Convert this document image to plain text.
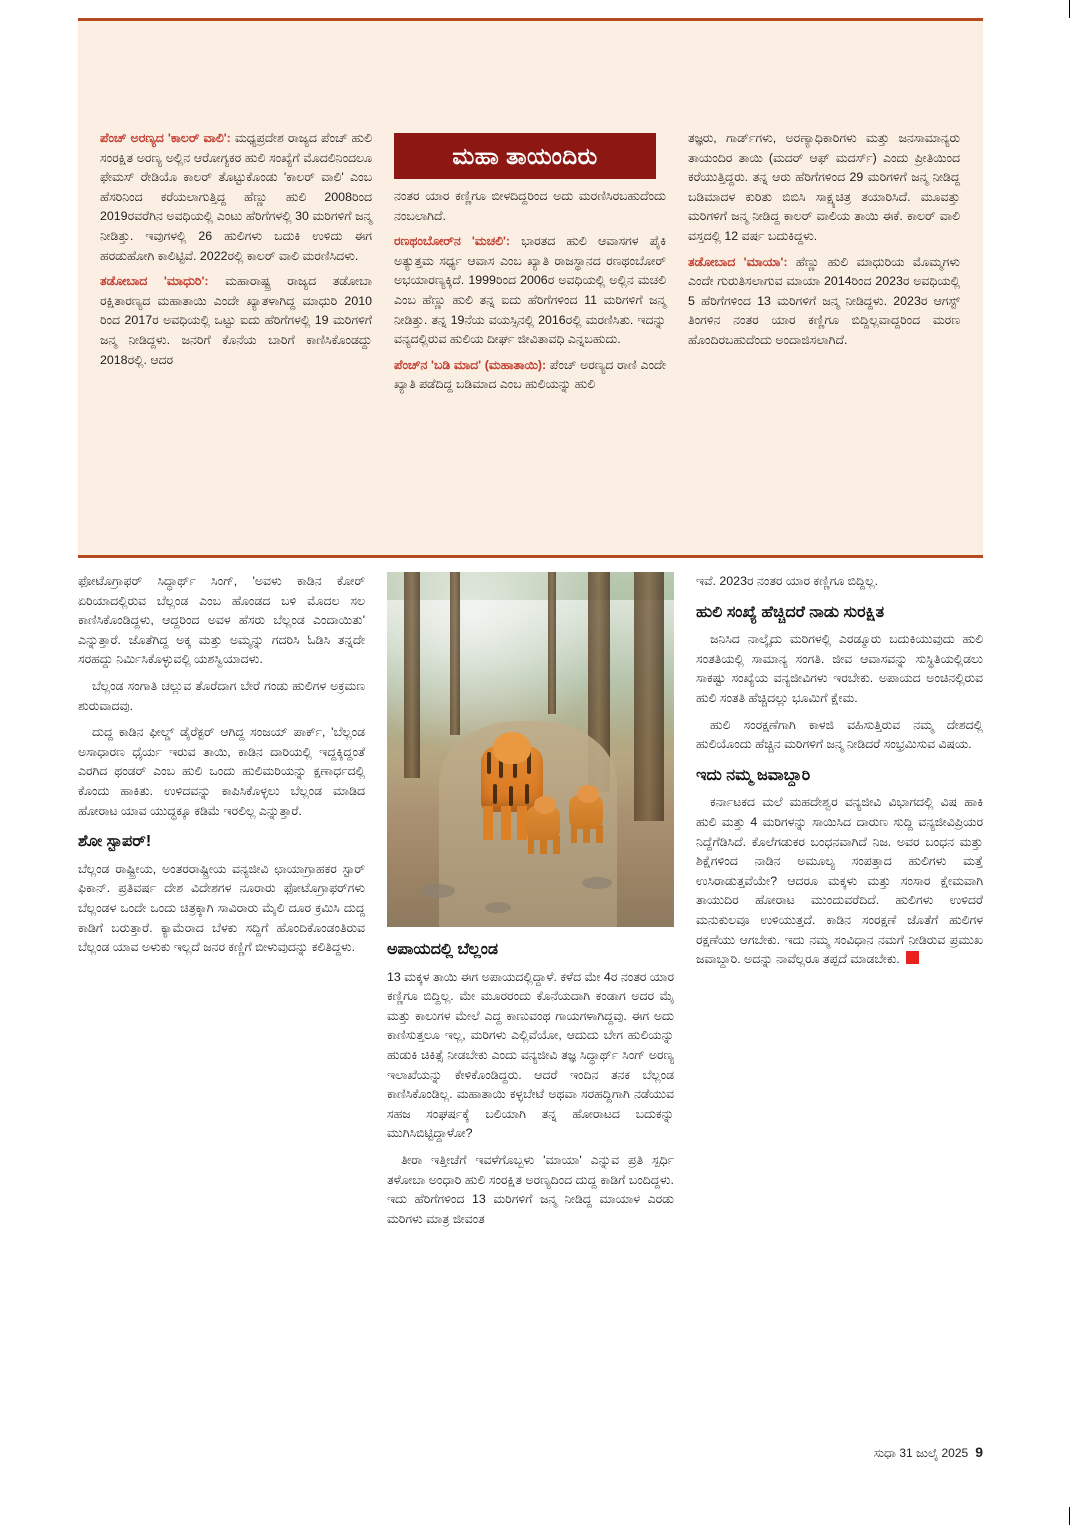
ಮಹಾ ತಾಯಂದಿರು

ಪೆಂಚ್ ಅರಣ್ಯದ 'ಕಾಲರ್ ವಾಲಿ': ಮಧ್ಯಪ್ರದೇಶ ರಾಜ್ಯದ ಪೆಂಚ್ ಹುಲಿ ಸಂರಕ್ಷಿತ ಅರಣ್ಯ ಅಲ್ಲಿನ ಆರೋಗ್ಯಕರ ಹುಲಿ ಸಂಖ್ಯೆಗೆ ಮೊದಲಿನಿಂದಲೂ ಫೇಮಸ್ ರೇಡಿಯೊ ಕಾಲರ್ ತೊಟ್ಟುಕೊಂಡು 'ಕಾಲರ್ ವಾಲಿ' ಎಂಬ ಹೆಸರಿನಿಂದ ಕರೆಯಲಾಗುತ್ತಿದ್ದ ಹೆಣ್ಣು ಹುಲಿ 2008ರಿಂದ 2019ರವರೆಗಿನ ಅವಧಿಯಲ್ಲಿ ಎಂಟು ಹೆರಿಗೆಗಳಲ್ಲಿ 30 ಮರಿಗಳಿಗೆ ಜನ್ಮ ನೀಡಿತ್ತು. ಇವುಗಳಲ್ಲಿ 26 ಹುಲಿಗಳು ಬದುಕಿ ಉಳಿದು ಈಗ ಹರಡುಹೋಗಿ ಕಾಲಿಟ್ಟಿವೆ. 2022ರಲ್ಲಿ ಕಾಲರ್ ವಾಲಿ ಮರಣಿಸಿದಳು.

ತಡೋಬಾದ 'ಮಾಧುರಿ': ಮಹಾರಾಷ್ಟ್ರ ರಾಜ್ಯದ ತಡೋಬಾ ರಕ್ಷಿತಾರಣ್ಯದ ಮಹಾತಾಯಿ ಎಂದೇ ಖ್ಯಾತಳಾಗಿದ್ದ ಮಾಧುರಿ 2010 ರಿಂದ 2017ರ ಅವಧಿಯಲ್ಲಿ ಒಟ್ಟು ಐದು ಹೆರಿಗೆಗಳಲ್ಲಿ 19 ಮರಿಗಳಿಗೆ ಜನ್ಮ ನೀಡಿದ್ದಳು. ಜನರಿಗೆ ಕೊನೆಯ ಬಾರಿಗೆ ಕಾಣಿಸಿಕೊಂಡದ್ದು 2018ರಲ್ಲಿ. ಆದರ

ನಂತರ ಯಾರ ಕಣ್ಣಿಗೂ ಬೀಳದಿದ್ದರಿಂದ ಅದು ಮರಣಿಸಿರಬಹುದೆಂದು ನಂಬಲಾಗಿದೆ.

ರಣಥಂಬೋರ್‌ನ 'ಮಚಲಿ': ಭಾರತದ ಹುಲಿ ಆವಾಸಗಳ ಪೈಕಿ ಅತ್ಯುತ್ತಮ ಸರ್ಧ್ಯ ಆವಾಸ ಎಂಬ ಖ್ಯಾತಿ ರಾಜಸ್ಥಾನದ ರಣಥಂಬೋರ್ ಅಭಯಾರಣ್ಯಕ್ಕಿದೆ. 1999ರಿಂದ 2006ರ ಅವಧಿಯಲ್ಲಿ ಅಲ್ಲಿನ ಮಚಲಿ ಎಂಬ ಹೆಣ್ಣು ಹುಲಿ ತನ್ನ ಐದು ಹೆರಿಗೆಗಳಿಂದ 11 ಮರಿಗಳಿಗೆ ಜನ್ಮ ನೀಡಿತ್ತು. ತನ್ನ 19ನೆಯ ವಯಸ್ಸಿನಲ್ಲಿ 2016ರಲ್ಲಿ ಮರಣಿಸಿತು. ಇದನ್ನು ವನ್ಯದಲ್ಲಿರುವ ಹುಲಿಯ ದೀರ್ಘ ಜೀವಿತಾವಧಿ ಎನ್ನಬಹುದು.

ಪೆಂಚ್‌ನ 'ಬಡಿ ಮಾದ' (ಮಹಾತಾಯಿ): ಪೆಂಚ್ ಅರಣ್ಯದ ರಾಣಿ ಎಂದೇ ಖ್ಯಾತಿ ಪಡೆದಿದ್ದ ಬಡಿಮಾದ ಎಂಬ ಹುಲಿಯನ್ನು ಹುಲಿ

ತಜ್ಞರು, ಗಾರ್ಡ್‌ಗಳು, ಅರಣ್ಯಾಧಿಕಾರಿಗಳು ಮತ್ತು ಜನಸಾಮಾನ್ಯರು ತಾಯಂದಿರ ತಾಯಿ (ಮದರ್ ಆಫ್ ಮದರ್ಸ್) ಎಂದು ಪ್ರೀತಿಯಿಂದ ಕರೆಯುತ್ತಿದ್ದರು. ತನ್ನ ಆರು ಹೆರಿಗೆಗಳಿಂದ 29 ಮರಿಗಳಿಗೆ ಜನ್ಮ ನೀಡಿದ್ದ ಬಡಿಮಾದಳ ಕುರಿತು ಬಿಬಿಸಿ ಸಾಕ್ಷ್ಯಚಿತ್ರ ತಯಾರಿಸಿದೆ. ಮೂವತ್ತು ಮರಿಗಳಿಗೆ ಜನ್ಮ ನೀಡಿದ್ದ ಕಾಲರ್ ವಾಲಿಯ ತಾಯಿ ಈಕೆ. ಕಾಲರ್ ವಾಲಿ ವಸ್ತದಲ್ಲಿ 12 ವರ್ಷ ಬದುಕಿದ್ದಳು.

ತಡೋಬಾದ 'ಮಾಯಾ': ಹೆಣ್ಣು ಹುಲಿ ಮಾಧುರಿಯ ಮೊಮ್ಮಗಳು ಎಂದೇ ಗುರುತಿಸಲಾಗುವ ಮಾಯಾ 2014ರಿಂದ 2023ರ ಅವಧಿಯಲ್ಲಿ 5 ಹೆರಿಗೆಗಳಿಂದ 13 ಮರಿಗಳಿಗೆ ಜನ್ಮ ನೀಡಿದ್ದಳು. 2023ರ ಆಗಸ್ಟ್ ತಿಂಗಳಿನ ನಂತರ ಯಾರ ಕಣ್ಣಿಗೂ ಬಿದ್ದಿಲ್ಲವಾದ್ದರಿಂದ ಮರಣ ಹೊಂದಿರಬಹುದೆಂದು ಅಂದಾಜಿಸಲಾಗಿದೆ.

ಫೋಟೊಗ್ರಾಫರ್ ಸಿದ್ಧಾರ್ಥ್ ಸಿಂಗ್, 'ಅವಳು ಕಾಡಿನ ಕೋರ್ ಏರಿಯಾದಲ್ಲಿರುವ ಬೆಲ್ಲಂಡ ಎಂಬ ಹೊಂಡದ ಬಳಿ ಮೊದಲ ಸಲ ಕಾಣಿಸಿಕೊಂಡಿದ್ದಳು, ಆದ್ದರಿಂದ ಅವಳ ಹೆಸರು ಬೆಲ್ಲಂಡ ಎಂದಾಯಿತು' ಎನ್ನುತ್ತಾರೆ. ಜೊತೆಗಿದ್ದ ಅಕ್ಕ ಮತ್ತು ಅಮ್ಮನ್ನು ಗದರಿಸಿ ಓಡಿಸಿ ತನ್ನದೇ ಸರಹದ್ದು ನಿರ್ಮಿಸಿಕೊಳ್ಳುವಲ್ಲಿ ಯಶಸ್ವಿಯಾದಳು.

ಬೆಲ್ಲಂಡ ಸಂಗಾತಿ ಚಲ್ಲುವ ತೊರೆದಾಗ ಬೇರೆ ಗಂಡು ಹುಲಿಗಳ ಅಕ್ರಮಣ ಶುರುವಾದವು.

ದುದ್ದ ಕಾಡಿನ ಫೀಲ್ಡ್ ಡೈರೆಕ್ಟರ್ ಆಗಿದ್ದ ಸಂಜಯ್ ಪಾರ್ಕ್, 'ಬೆಲ್ಲಂಡ ಅಸಾಧಾರಣ ಧೈರ್ಯ ಇರುವ ತಾಯಿ, ಕಾಡಿನ ದಾರಿಯಲ್ಲಿ ಇದ್ದಕ್ಕಿದ್ದಂತೆ ಎರಗಿದ ಥಂಡರ್ ಎಂಬ ಹುಲಿ ಒಂದು ಹುಲಿಮರಿಯನ್ನು ಕ್ಷಣಾರ್ಧದಲ್ಲಿ ಕೊಂದು ಹಾಕಿತು. ಉಳಿದವನ್ನು ಕಾಪಿಸಿಕೊಳ್ಳಲು ಬೆಲ್ಲಂಡ ಮಾಡಿದ ಹೋರಾಟ ಯಾವ ಯುದ್ಧಕ್ಕೂ ಕಡಿಮೆ ಇರಲಿಲ್ಲ ಎನ್ನುತ್ತಾರೆ.

ಶೋ ಸ್ಟಾಪರ್!

ಬೆಲ್ಲಂಡ ರಾಷ್ಟ್ರೀಯ, ಅಂತರರಾಷ್ಟ್ರೀಯ ವನ್ಯಜೀವಿ ಛಾಯಾಗ್ರಾಹಕರ ಸ್ಟಾರ್ ಫಿಕಾನ್. ಪ್ರತಿವರ್ಷ ದೇಶ ವಿದೇಶಗಳ ನೂರಾರು ಫೋಟೊಗ್ರಾಫರ್‌ಗಳು ಬೆಲ್ಲಂಡಳ ಒಂದೇ ಒಂದು ಚಿತ್ರಕ್ಕಾಗಿ ಸಾವಿರಾರು ಮೈಲಿ ದೂರ ಕ್ರಮಿಸಿ ದುದ್ದ ಕಾಡಿಗೆ ಬರುತ್ತಾರೆ. ಕ್ಯಾಮೆರಾದ ಬೆಳಕು ಸದ್ದಿಗೆ ಹೊಂದಿಕೊಂಡಂತಿರುವ ಬೆಲ್ಲಂಡ ಯಾವ ಅಳುಕು ಇಲ್ಲದೆ ಜನರ ಕಣ್ಣಿಗೆ ಬೀಳುವುದನ್ನು ಕಲಿತಿದ್ದಳು.	ಅಪಾಯದಲ್ಲಿ ಬೆಲ್ಲಂಡ

13 ಮಕ್ಕಳ ತಾಯಿ ಈಗ ಅಪಾಯದಲ್ಲಿದ್ದಾಳೆ. ಕಳೆದ ಮೇ 4ರ ನಂತರ ಯಾರ ಕಣ್ಣಿಗೂ ಬಿದ್ದಿಲ್ಲ. ಮೇ ಮೂರರಂದು ಕೊನೆಯದಾಗಿ ಕಂಡಾಗ ಅದರ ಮೈ ಮತ್ತು ಕಾಲುಗಳ ಮೇಲೆ ಎದ್ದ ಕಾಣುವಂಥ ಗಾಯಗಳಾಗಿದ್ದವು. ಈಗ ಅದು ಕಾಣಿಸುತ್ತಲೂ ಇಲ್ಲ, ಮರಿಗಳು ಎಲ್ಲಿವೆಯೋ, ಆದುದು ಬೇಗ ಹುಲಿಯನ್ನು ಹುಡುಕಿ ಚಿಕಿತ್ಸೆ ನೀಡಬೇಕು ಎಂದು ವನ್ಯಜೀವಿ ತಜ್ಞ ಸಿದ್ಧಾರ್ಥ್ ಸಿಂಗ್ ಅರಣ್ಯ ಇಲಾಖೆಯನ್ನು ಕೇಳಿಕೊಂಡಿದ್ದರು. ಆದರೆ ಇಂದಿನ ತನಕ ಬೆಲ್ಲಂಡ ಕಾಣಿಸಿಕೊಂಡಿಲ್ಲ. ಮಹಾತಾಯಿ ಕಳ್ಳಬೇಟೆ ಅಥವಾ ಸರಹದ್ದಿಗಾಗಿ ನಡೆಯುವ ಸಹಜ ಸಂಘರ್ಷಕ್ಕೆ ಬಲಿಯಾಗಿ ತನ್ನ ಹೋರಾಟದ ಬದುಕನ್ನು ಮುಗಿಸಿಬಿಟ್ಟಿದ್ದಾಳೋ?

ತೀರಾ ಇತ್ತೀಚೆಗೆ ಇವಳೆಗೊಬ್ಬಳು 'ಮಾಯಾ' ಎನ್ನುವ ಪ್ರತಿ ಸ್ಪರ್ಧಿ ತಳೋಬಾ ಅಂಧಾರಿ ಹುಲಿ ಸಂರಕ್ಷಿತ ಅರಣ್ಯದಿಂದ ದುದ್ದ ಕಾಡಿಗೆ ಬಂದಿದ್ದಳು. ಇದು ಹೆರಿಗೆಗಳಿಂದ 13 ಮರಿಗಳಿಗೆ ಜನ್ಮ ನೀಡಿದ್ದ ಮಾಯಾಳ ಎರಡು ಮರಿಗಳು ಮಾತ್ರ ಜೀವಂತ

ಇವೆ. 2023ರ ನಂತರ ಯಾರ ಕಣ್ಣಿಗೂ ಬಿದ್ದಿಲ್ಲ.

ಹುಲಿ ಸಂಖ್ಯೆ ಹೆಚ್ಚಿದರೆ ನಾಡು ಸುರಕ್ಷಿತ

ಜನಿಸಿದ ನಾಲ್ಕೈದು ಮರಿಗಳಲ್ಲಿ ಎರಡ್ಮೂರು ಬದುಕಿಯುವುದು ಹುಲಿ ಸಂತತಿಯಲ್ಲಿ ಸಾಮಾನ್ಯ ಸಂಗತಿ. ಜೀವ ಆವಾಸವನ್ನು ಸುಸ್ಥಿತಿಯಲ್ಲಿಡಲು ಸಾಕಷ್ಟು ಸಂಖ್ಯೆಯ ವನ್ಯಜೀವಿಗಳು ಇರಬೇಕು. ಅಪಾಯದ ಅಂಚಿನಲ್ಲಿರುವ ಹುಲಿ ಸಂತತಿ ಹೆಚ್ಚಿದಲ್ಲು ಭೂಮಿಗೆ ಕ್ಷೇಮ.

ಹುಲಿ ಸಂರಕ್ಷಣೆಗಾಗಿ ಕಾಳಜಿ ವಹಿಸುತ್ತಿರುವ ನಮ್ಮ ದೇಶದಲ್ಲಿ ಹುಲಿಯೊಂದು ಹೆಚ್ಚಿನ ಮರಿಗಳಿಗೆ ಜನ್ಮ ನೀಡಿದರೆ ಸಂಭ್ರಮಿಸುವ ವಿಷಯ.

ಇದು ನಮ್ಮ ಜವಾಬ್ದಾರಿ

ಕರ್ನಾಟಕದ ಮಲೆ ಮಹದೇಶ್ವರ ವನ್ಯಜೀವಿ ವಿಭಾಗದಲ್ಲಿ ವಿಷ ಹಾಕಿ ಹುಲಿ ಮತ್ತು 4 ಮರಿಗಳನ್ನು ಸಾಯಿಸಿದ ದಾರುಣ ಸುದ್ದಿ ವನ್ಯಜೀವಿಪ್ರಿಯರ ನಿದ್ದೆಗೆಡಿಸಿದೆ. ಕೊಲೆಗಡುಕರ ಬಂಧನವಾಗಿದೆ ನಿಜ. ಅವರ ಬಂಧನ ಮತ್ತು ಶಿಕ್ಷೆಗಳಿಂದ ನಾಡಿನ ಅಮೂಲ್ಯ ಸಂಪತ್ತಾದ ಹುಲಿಗಳು ಮತ್ತೆ ಉಸಿರಾಡುತ್ತವೆಯೇ? ಆದರೂ ಮಕ್ಕಳು ಮತ್ತು ಸಂಸಾರ ಕ್ಷೇಮವಾಗಿ ತಾಯುದಿರ ಹೋರಾಟ ಮುಂದುವರೆದಿದೆ. ಹುಲಿಗಳು ಉಳಿದರೆ ಮನುಕುಲವೂ ಉಳಿಯುತ್ತದೆ. ಕಾಡಿನ ಸಂರಕ್ಷಣೆ ಜೊತೆಗೆ ಹುಲಿಗಳ ರಕ್ಷಣೆಯು ಆಗಬೇಕು. ಇದು ನಮ್ಮ ಸಂವಿಧಾನ ನಮಗೆ ನೀಡಿರುವ ಪ್ರಮುಖ ಜವಾಬ್ದಾರಿ. ಅದನ್ನು ನಾವೆಲ್ಲರೂ ತಪ್ಪದೆ ಮಾಡಬೇಕು.

ಸುಧಾ 31 ಜುಲೈ 2025 9
